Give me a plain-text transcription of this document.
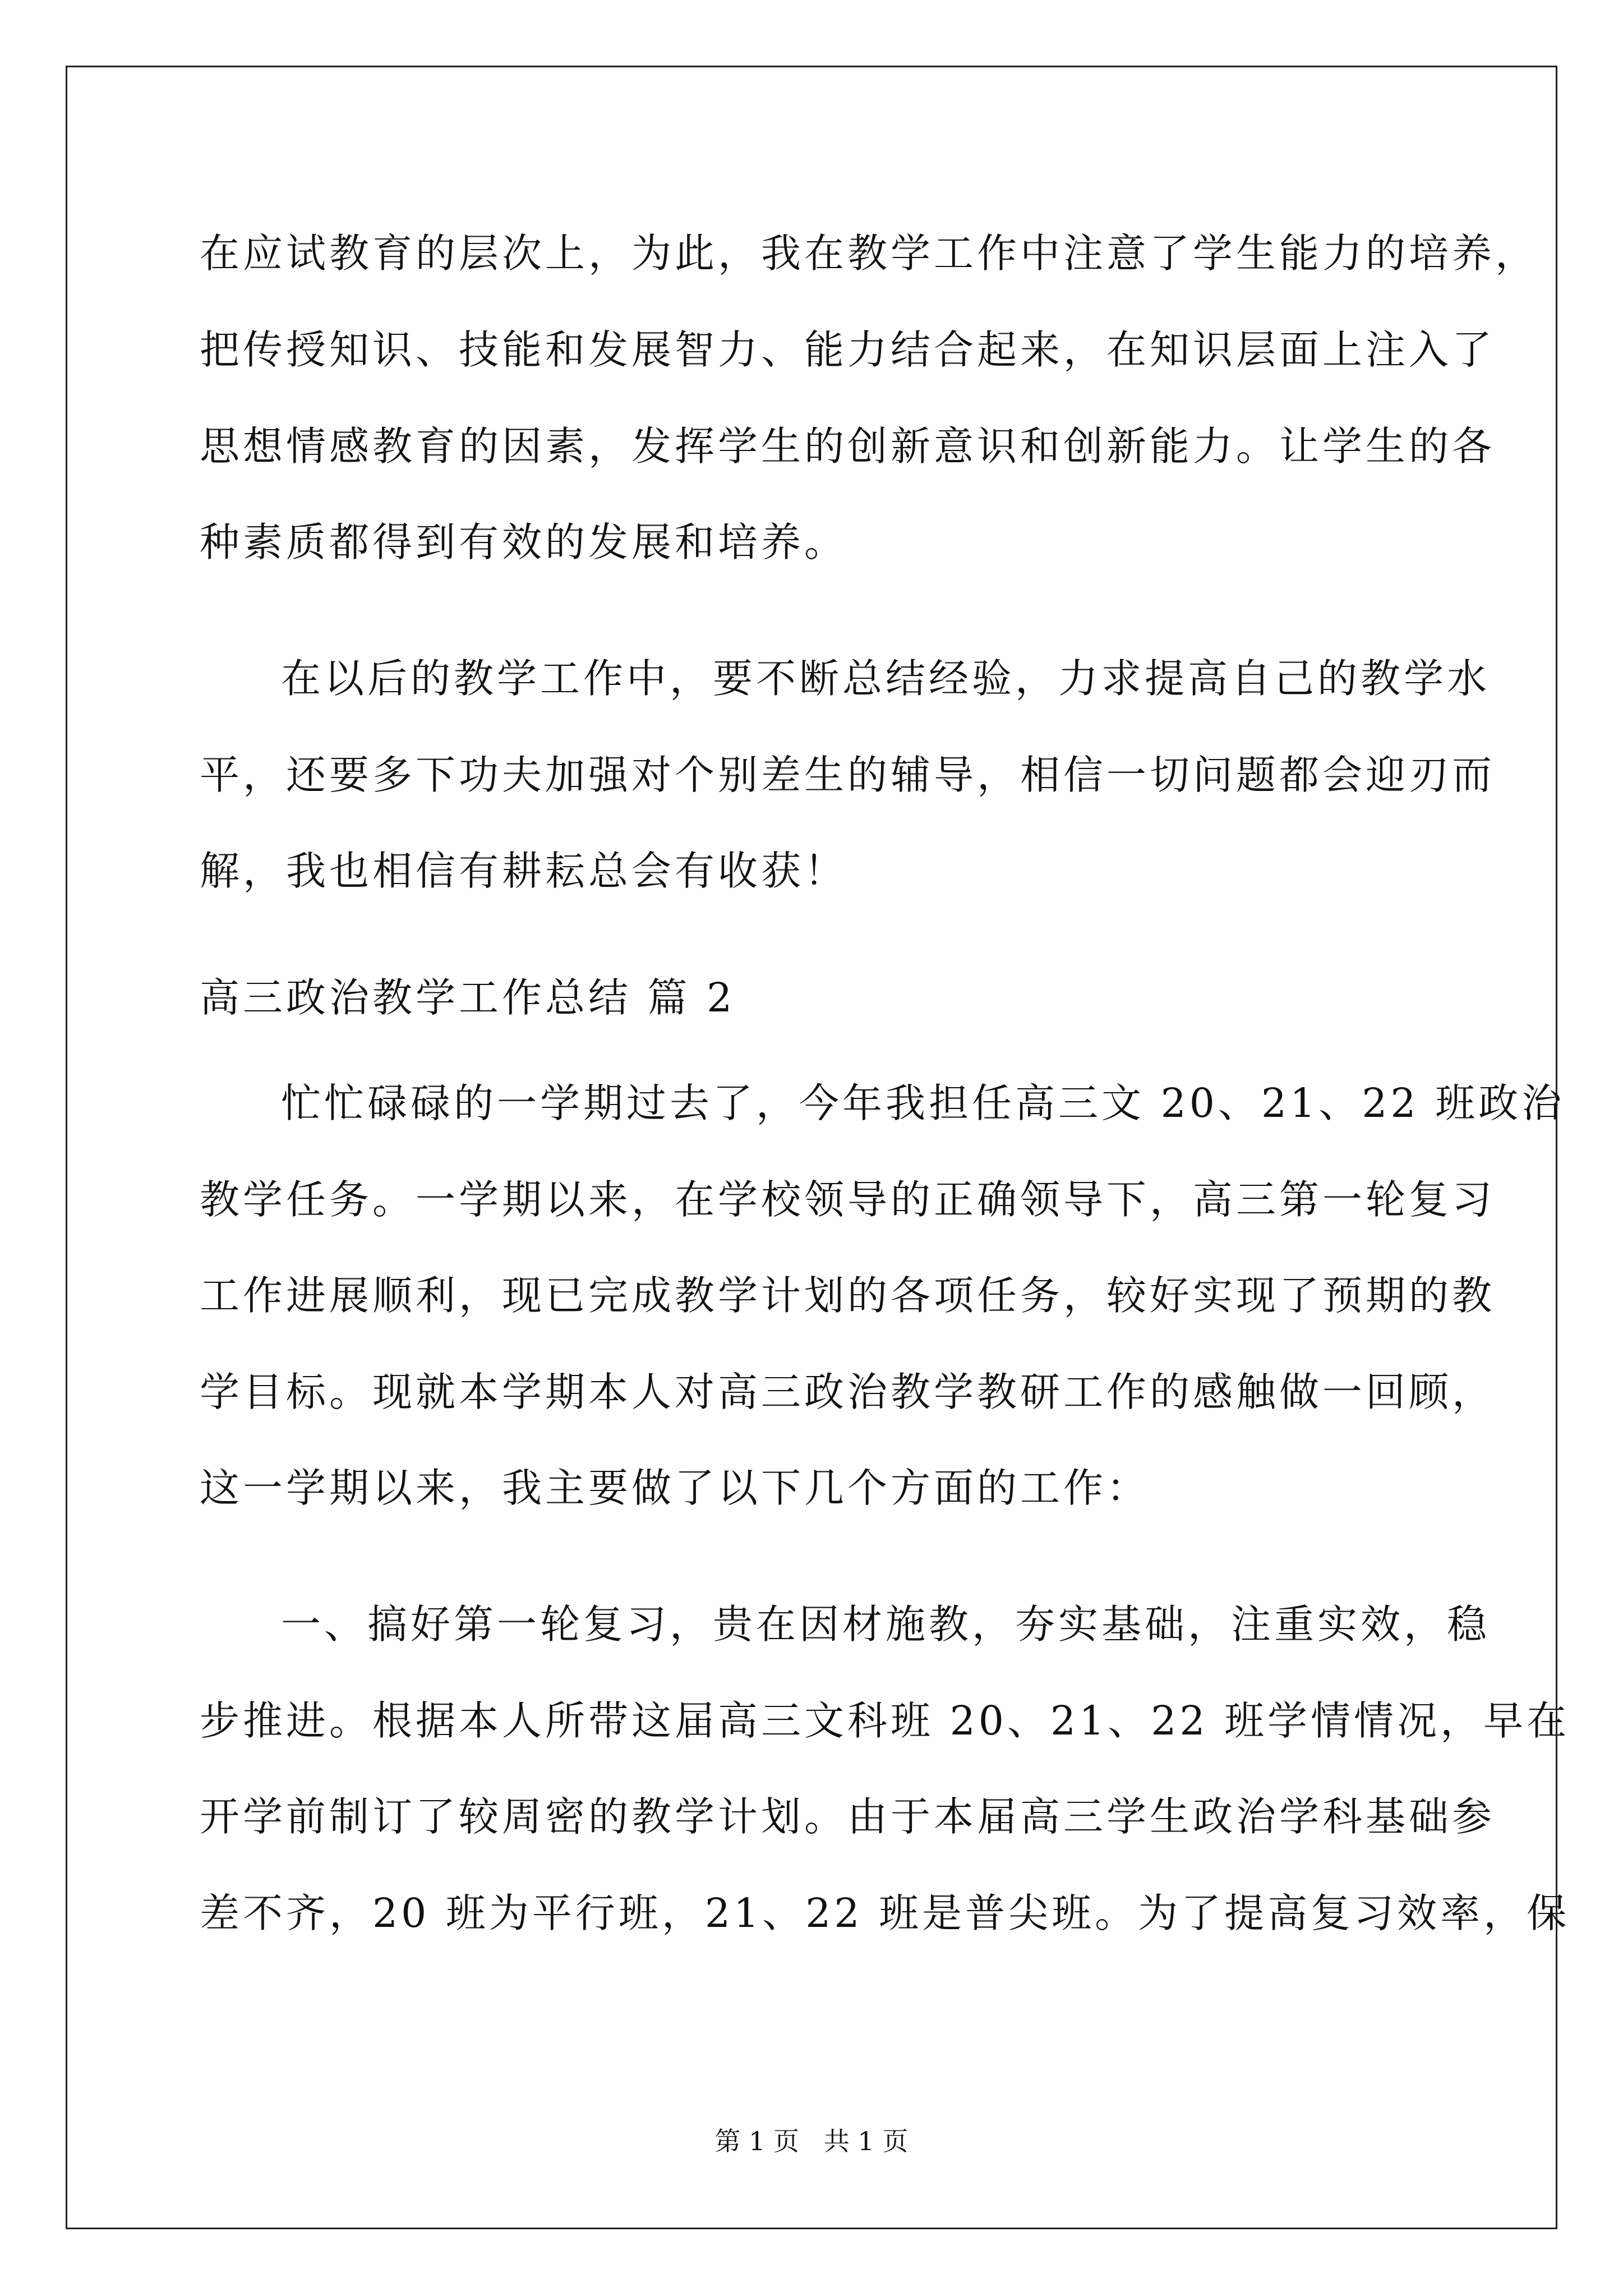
在应试教育的层次上，为此，我在教学工作中注意了学生能力的培养，
把传授知识、技能和发展智力、能力结合起来，在知识层面上注入了
思想情感教育的因素，发挥学生的创新意识和创新能力。让学生的各
种素质都得到有效的发展和培养。
在以后的教学工作中，要不断总结经验，力求提高自己的教学水
平，还要多下功夫加强对个别差生的辅导，相信一切问题都会迎刃而
解，我也相信有耕耘总会有收获！
高三政治教学工作总结 篇 2
忙忙碌碌的一学期过去了，今年我担任高三文 20、21、22 班政治
教学任务。一学期以来，在学校领导的正确领导下，高三第一轮复习
工作进展顺利，现已完成教学计划的各项任务，较好实现了预期的教
学目标。现就本学期本人对高三政治教学教研工作的感触做一回顾，
这一学期以来，我主要做了以下几个方面的工作：
一、搞好第一轮复习，贵在因材施教，夯实基础，注重实效，稳
步推进。根据本人所带这届高三文科班 20、21、22 班学情情况，早在
开学前制订了较周密的教学计划。由于本届高三学生政治学科基础参
差不齐，20 班为平行班，21、22 班是普尖班。为了提高复习效率，保
第 1 页   共 1 页
